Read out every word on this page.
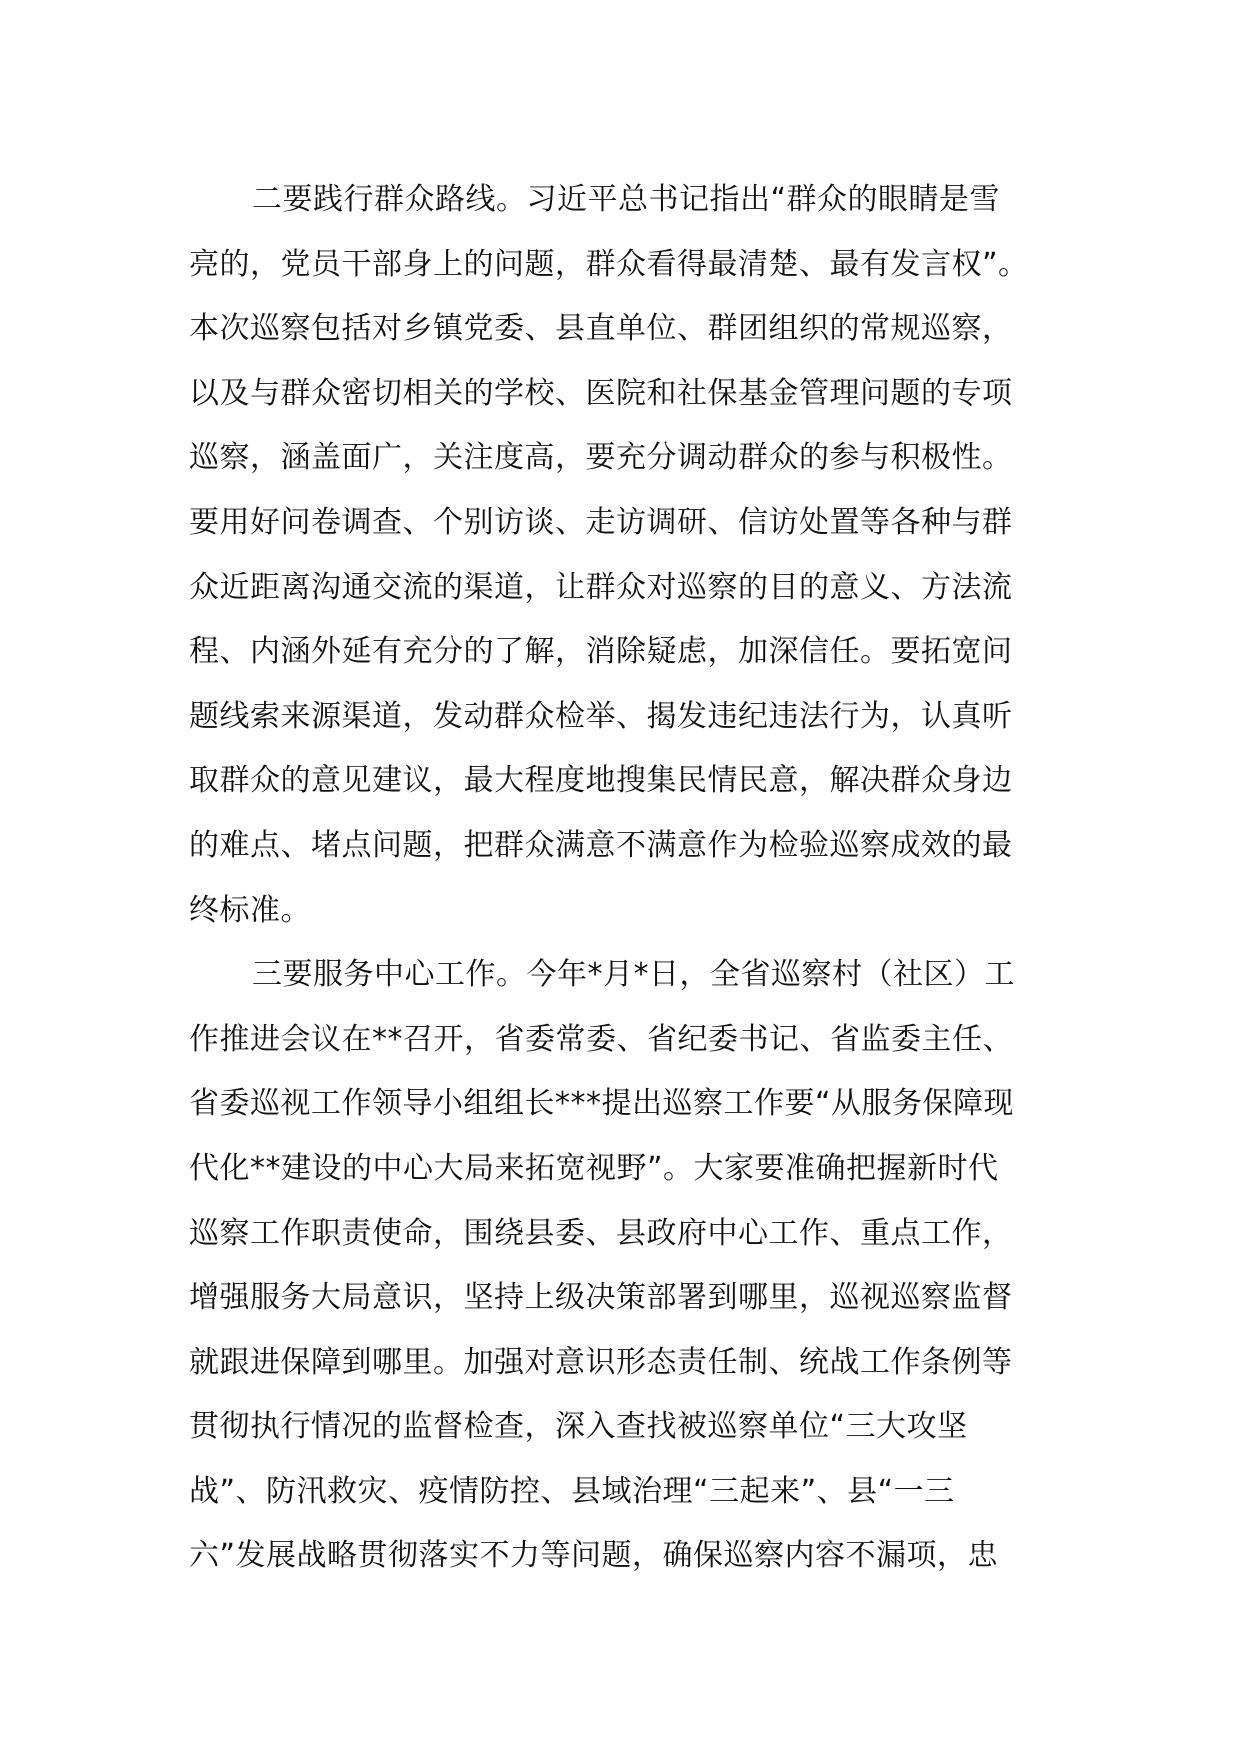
二要践行群众路线。习近平总书记指出“群众的眼睛是雪
亮的，党员干部身上的问题，群众看得最清楚、最有发言权”。
本次巡察包括对乡镇党委、县直单位、群团组织的常规巡察，
以及与群众密切相关的学校、医院和社保基金管理问题的专项
巡察，涵盖面广，关注度高，要充分调动群众的参与积极性。
要用好问卷调查、个别访谈、走访调研、信访处置等各种与群
众近距离沟通交流的渠道，让群众对巡察的目的意义、方法流
程、内涵外延有充分的了解，消除疑虑，加深信任。要拓宽问
题线索来源渠道，发动群众检举、揭发违纪违法行为，认真听
取群众的意见建议，最大程度地搜集民情民意，解决群众身边
的难点、堵点问题，把群众满意不满意作为检验巡察成效的最
终标准。
三要服务中心工作。今年*月*日，全省巡察村（社区）工
作推进会议在**召开，省委常委、省纪委书记、省监委主任、
省委巡视工作领导小组组长***提出巡察工作要“从服务保障现
代化**建设的中心大局来拓宽视野”。大家要准确把握新时代
巡察工作职责使命，围绕县委、县政府中心工作、重点工作，
增强服务大局意识，坚持上级决策部署到哪里，巡视巡察监督
就跟进保障到哪里。加强对意识形态责任制、统战工作条例等
贯彻执行情况的监督检查，深入查找被巡察单位“三大攻坚
战”、防汛救灾、疫情防控、县域治理“三起来”、县“一三
六”发展战略贯彻落实不力等问题，确保巡察内容不漏项，忠
